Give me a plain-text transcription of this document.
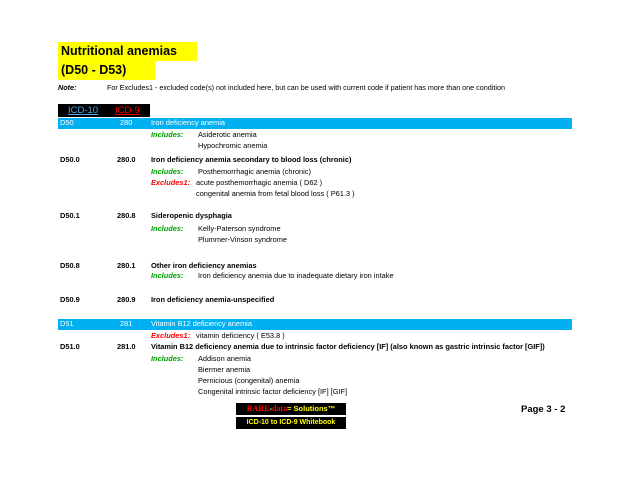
Nutritional anemias
(D50 - D53)
Note:	For Excludes1 - excluded code(s) not included here, but can be used with current code if patient has more than one condition
ICD-10 ICD-9
D50	280	Iron deficiency anemia
Includes: Asiderotic anemia
Hypochromic anemia
D50.0	280.0 Iron deficiency anemia secondary to blood loss (chronic)
Includes: Posthemorrhagic anemia (chronic)
Excludes1: acute posthemorrhagic anemia ( D62 )
congenital anemia from fetal blood loss ( P61.3 )
D50.1	280.8 Sideropenic dysphagia
Includes: Kelly-Paterson syndrome
Plummer-Vinson syndrome
D50.8	280.1 Other iron deficiency anemias
Includes: Iron deficiency anemia due to inadequate dietary iron intake
D50.9	280.9 Iron deficiency anemia-unspecified
D51	281	Vitamin B12 deficiency anemia
Excludes1: vitamin deficiency ( E53.8 )
D51.0	281.0 Vitamin B12 deficiency anemia due to intrinsic factor deficiency [IF] (also known as gastric intrinsic factor [GIF])
Includes: Addison anemia
Biermer anemia
Pernicious (congenital) anemia
Congenital intrinsic factor deficiency [IF] [GIF]
RARE-data= Solutions™
ICD-10 to ICD-9 Whitebook
Page 3 - 2
